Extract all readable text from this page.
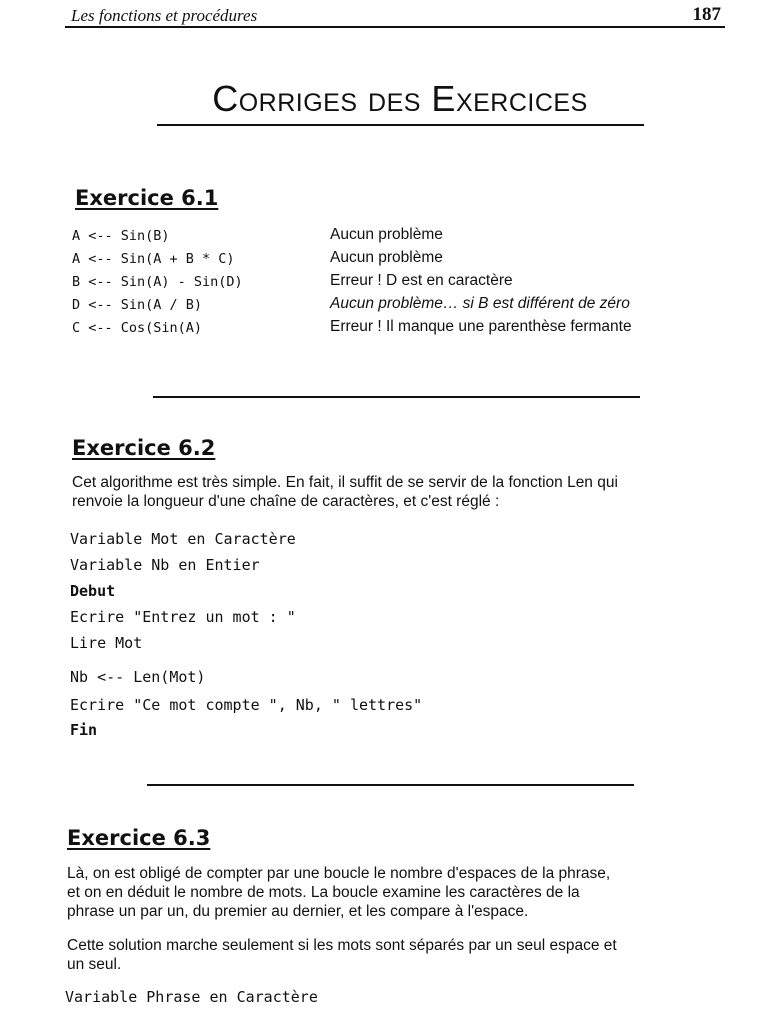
Les fonctions et procédures	187
Corriges des Exercices
Exercice 6.1
A <-- Sin(B)	Aucun problème
A <-- Sin(A + B * C)	Aucun problème
B <-- Sin(A) - Sin(D)	Erreur ! D est en caractère
D <-- Sin(A / B)	Aucun problème… si B est différent de zéro
C <-- Cos(Sin(A)	Erreur ! Il manque une parenthèse fermante
Exercice 6.2
Cet algorithme est très simple. En fait, il suffit de se servir de la fonction Len qui
renvoie la longueur d'une chaîne de caractères, et c'est réglé :
Variable Mot en Caractère
Variable Nb en Entier
Debut
Ecrire "Entrez un mot : "
Lire Mot
Nb <-- Len(Mot)
Ecrire "Ce mot compte ", Nb, " lettres"
Fin
Exercice 6.3
Là, on est obligé de compter par une boucle le nombre d'espaces de la phrase,
et on en déduit le nombre de mots. La boucle examine les caractères de la
phrase un par un, du premier au dernier, et les compare à l'espace.
Cette solution marche seulement si les mots sont séparés par un seul espace et
un seul.
Variable Phrase en Caractère
